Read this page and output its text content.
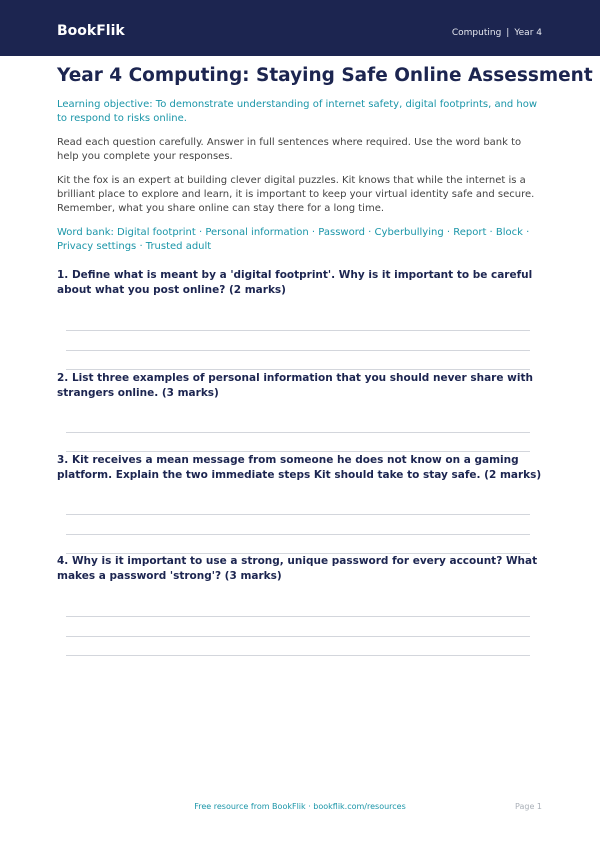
BookFlik	Computing | Year 4
Year 4 Computing: Staying Safe Online Assessment
Learning objective: To demonstrate understanding of internet safety, digital footprints, and how to respond to risks online.
Read each question carefully. Answer in full sentences where required. Use the word bank to help you complete your responses.
Kit the fox is an expert at building clever digital puzzles. Kit knows that while the internet is a brilliant place to explore and learn, it is important to keep your virtual identity safe and secure. Remember, what you share online can stay there for a long time.
Word bank: Digital footprint · Personal information · Password · Cyberbullying · Report · Block · Privacy settings · Trusted adult
1. Define what is meant by a 'digital footprint'. Why is it important to be careful about what you post online? (2 marks)
2. List three examples of personal information that you should never share with strangers online. (3 marks)
3. Kit receives a mean message from someone he does not know on a gaming platform. Explain the two immediate steps Kit should take to stay safe. (2 marks)
4. Why is it important to use a strong, unique password for every account? What makes a password 'strong'? (3 marks)
Free resource from BookFlik · bookflik.com/resources	Page 1
